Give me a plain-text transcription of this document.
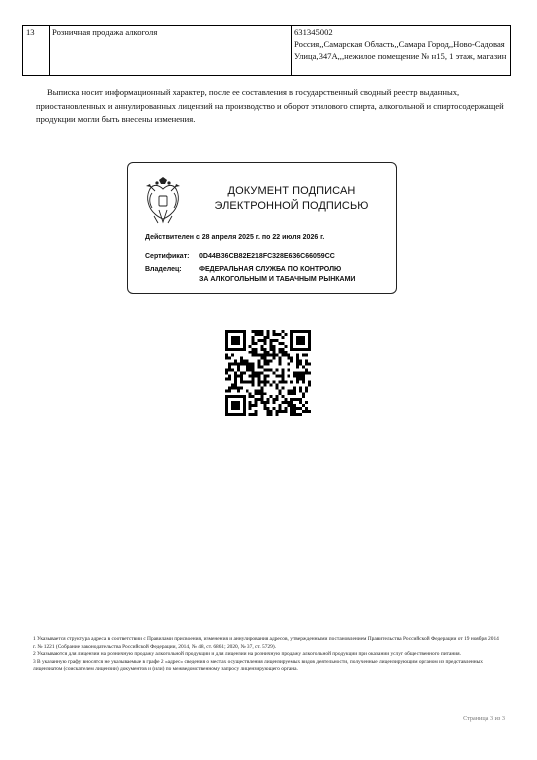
13	Розничная продажа алкоголя	631345002
Россия,,Самарская Область,,Самара Город,,Ново-Садовая Улица,347А,,,нежилое помещение № н15, 1 этаж, магазин
Выписка носит информационный характер, после ее составления в государственный сводный реестр выданных, приостановленных и аннулированных лицензий на производство и оборот этилового спирта, алкогольной и спиртосодержащей продукции могли быть внесены изменения.
ДОКУМЕНТ ПОДПИСАН
ЭЛЕКТРОННОЙ ПОДПИСЬЮ
Действителен с 28 апреля 2025 г. по 22 июля 2026 г.
Сертификат: 0D44B36CB82E218FC328E636C66059CC
Владелец: ФЕДЕРАЛЬНАЯ СЛУЖБА ПО КОНТРОЛЮ
ЗА АЛКОГОЛЬНЫМ И ТАБАЧНЫМ РЫНКАМИ

1 Указывается структура адреса в соответствии с Правилами присвоения, изменения и аннулирования адресов, утвержденными постановлением Правительства Российской Федерации от 19 ноября 2014 г. № 1221 (Собрание законодательства Российской Федерации, 2014, № 48, ст. 6861; 2020, № 37, ст. 5729).

2 Указываются для лицензии на розничную продажу алкогольной продукции и для лицензии на розничную продажу алкогольной продукции при оказании услуг общественного питания.

3 В указанную графу вносятся не указываемые в графе 2 «адрес» сведения о местах осуществления лицензируемых видов деятельности, полученные лицензирующим органом из представленных лицензиатом (соискателем лицензии) документов и (или) по межведомственному запросу лицензирующего органа.

Страница 3 из 3
